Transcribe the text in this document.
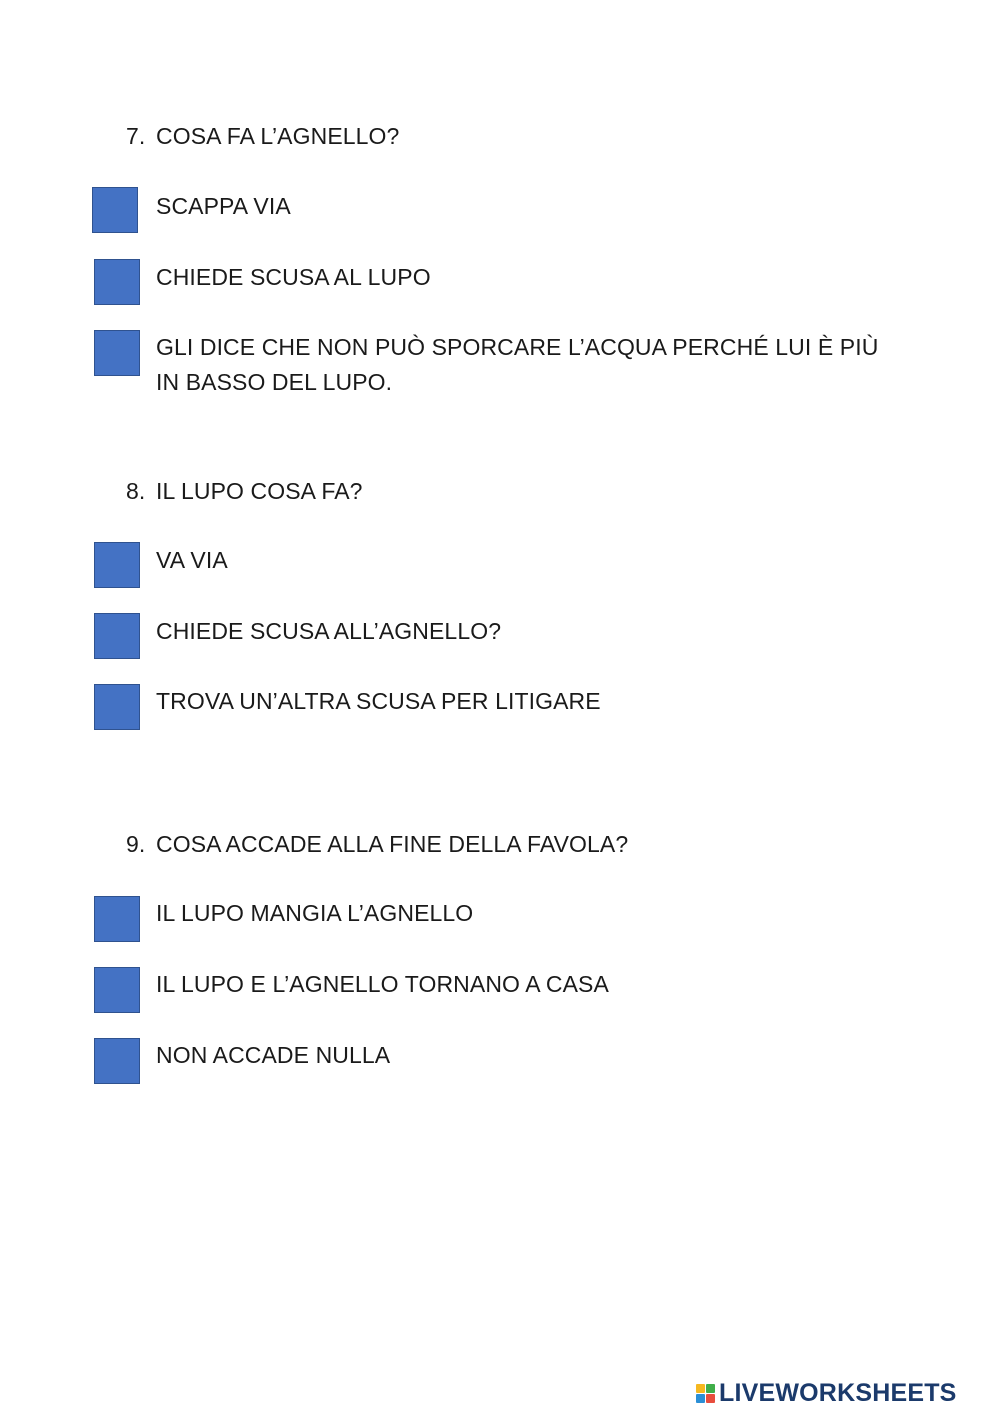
7. COSA FA L’AGNELLO?
SCAPPA VIA
CHIEDE SCUSA AL LUPO
GLI DICE CHE NON PUÒ SPORCARE L’ACQUA PERCHÉ LUI È PIÙ IN BASSO DEL LUPO.
8. IL LUPO COSA FA?
VA VIA
CHIEDE SCUSA ALL’AGNELLO?
TROVA UN’ALTRA SCUSA PER LITIGARE
9. COSA ACCADE ALLA FINE DELLA FAVOLA?
IL LUPO MANGIA L’AGNELLO
IL LUPO E L’AGNELLO TORNANO A CASA
NON ACCADE NULLA
LIVEWORKSHEETS
